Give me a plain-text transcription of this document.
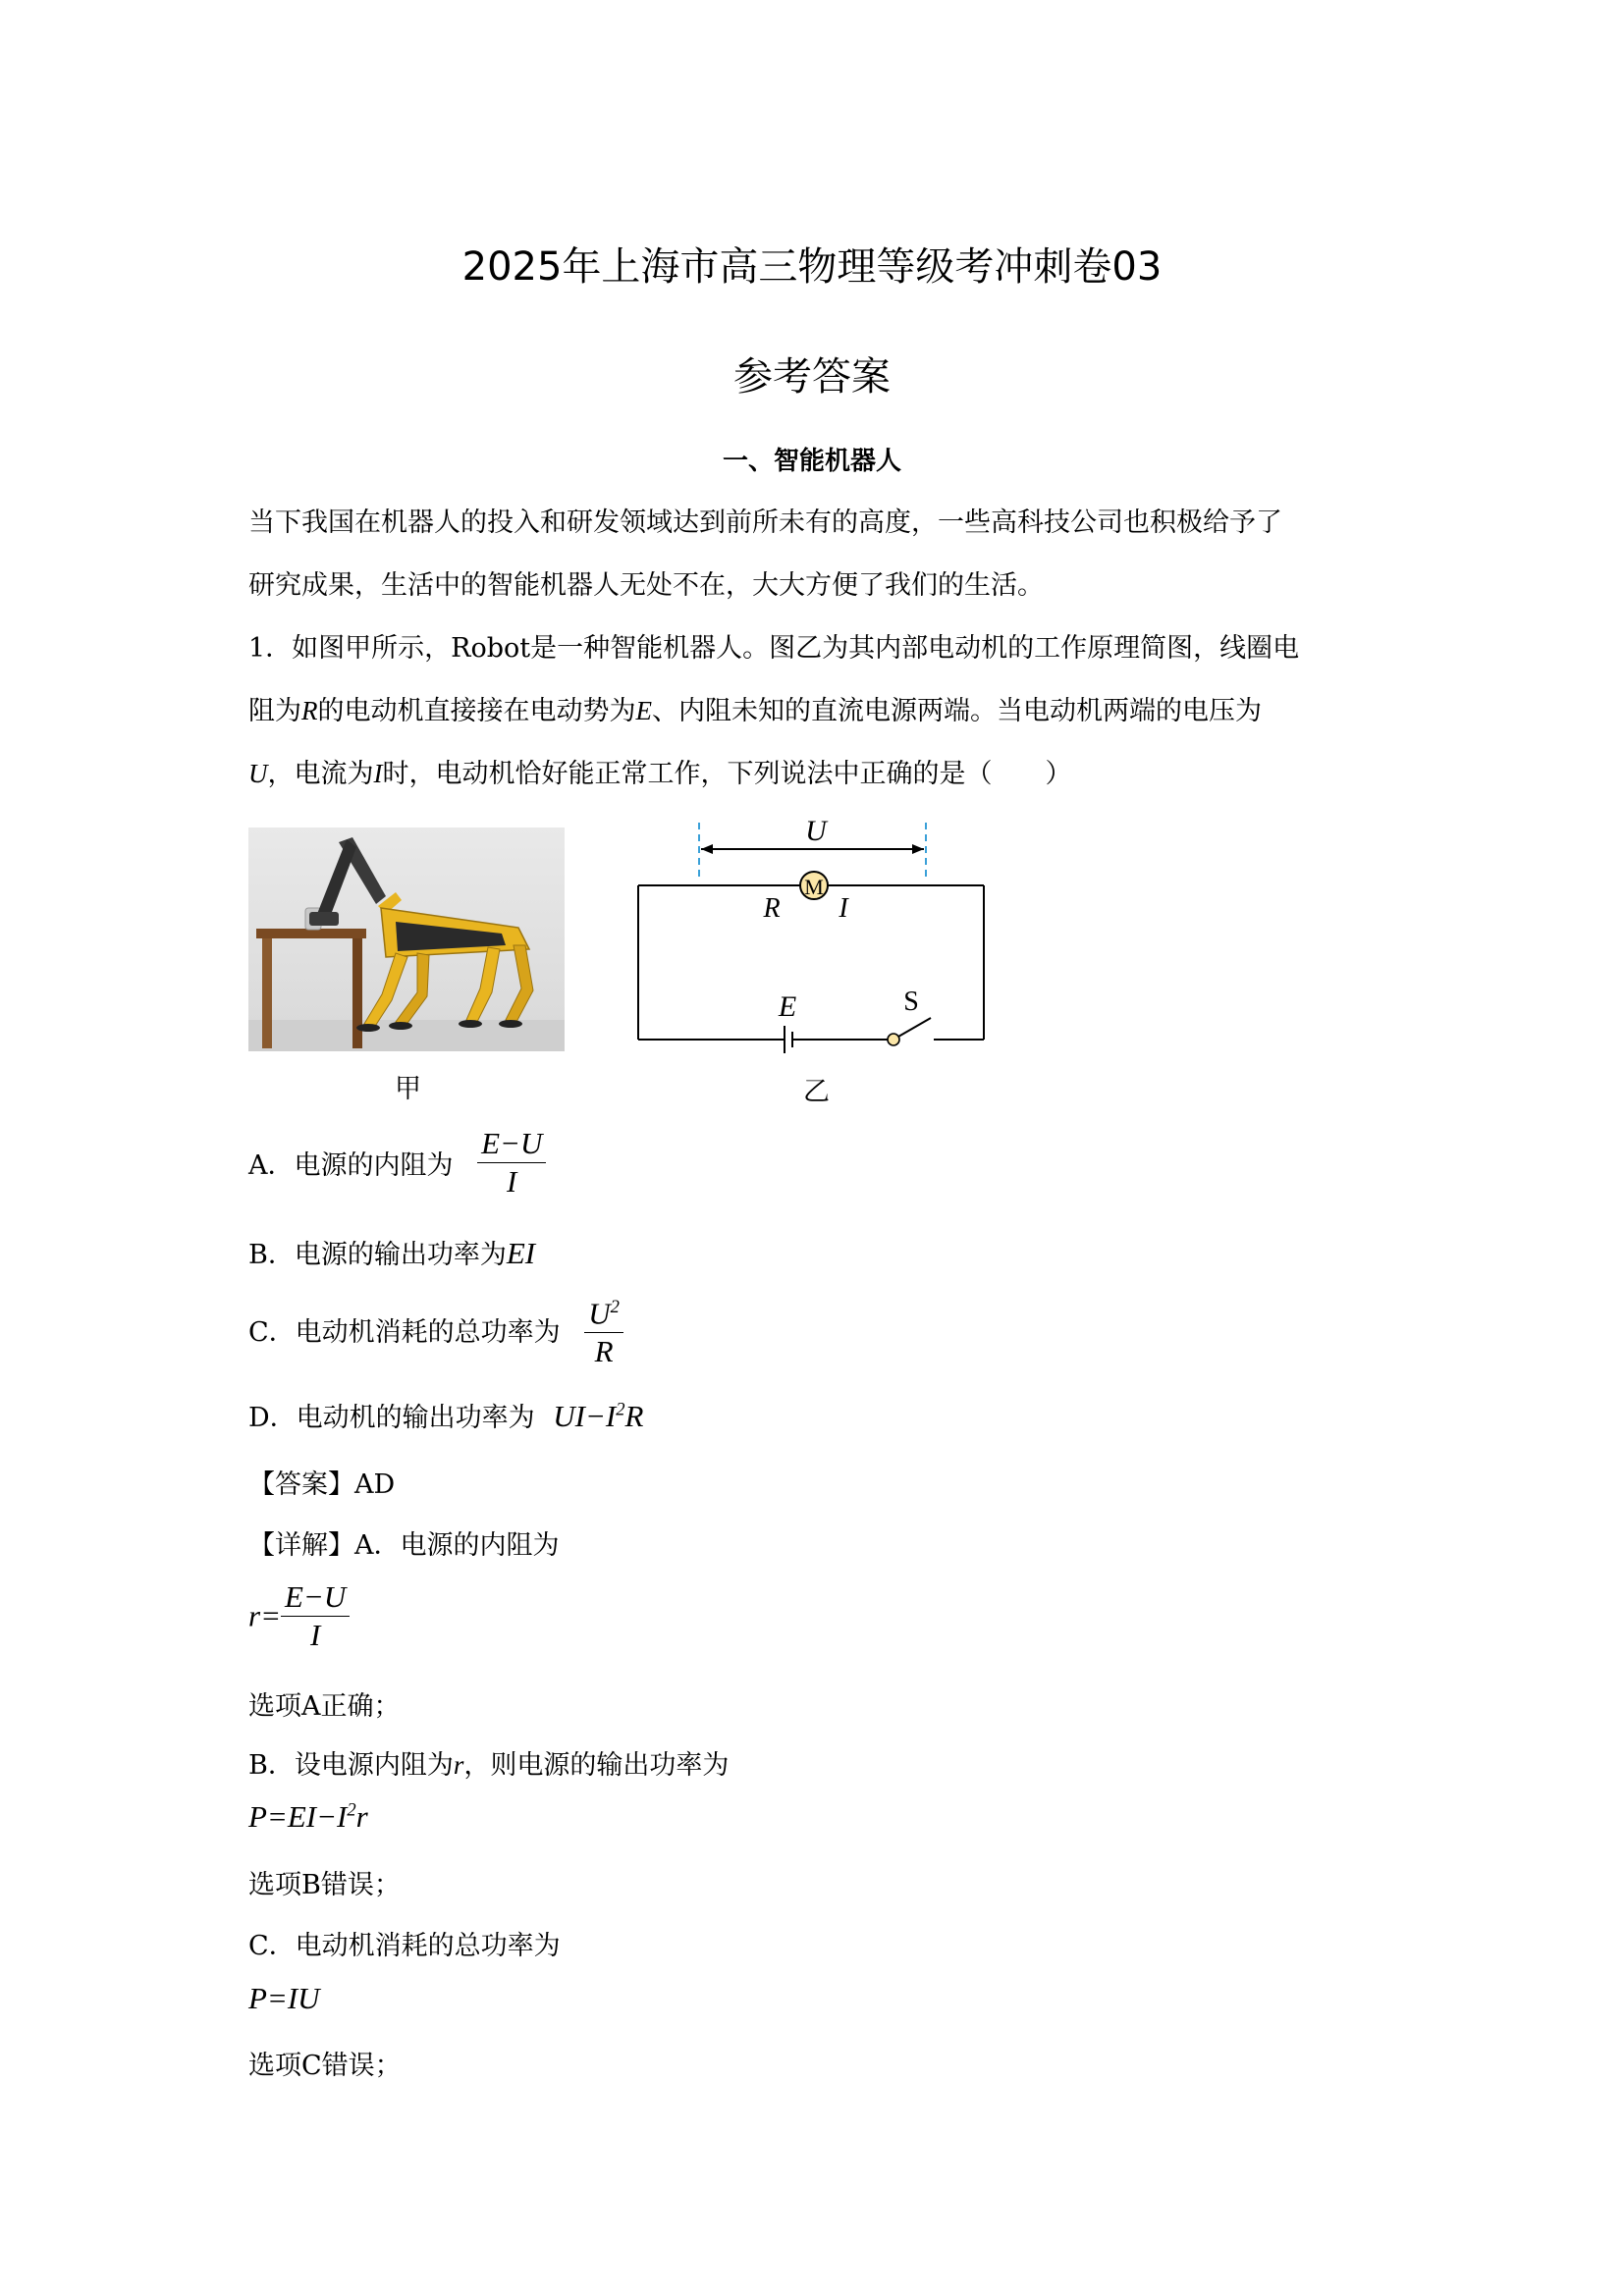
2025年上海市高三物理等级考冲刺卷03
参考答案
一、智能机器人
当下我国在机器人的投入和研发领域达到前所未有的高度，一些高科技公司也积极给予了
研究成果，生活中的智能机器人无处不在，大大方便了我们的生活。
1．如图甲所示，Robot是一种智能机器人。图乙为其内部电动机的工作原理简图，线圈电
阻为R的电动机直接接在电动势为E、内阻未知的直流电源两端。当电动机两端的电压为
U，电流为I时，电动机恰好能正常工作，下列说法中正确的是（　　）
甲
U
M
R I
E	S
乙
A．电源的内阻为 $\frac{E-U}{I}$
B．电源的输出功率为EI
C．电动机消耗的总功率为 $\frac{U^2}{R}$
D．电动机的输出功率为 $UI-I^2R$
【答案】AD
【详解】A．电源的内阻为
$r= \frac{E-U}{I}$
选项A正确；
B．设电源内阻为r，则电源的输出功率为
$P=EI-I^2r$
选项B错误；
C．电动机消耗的总功率为
P=IU
选项C错误；
